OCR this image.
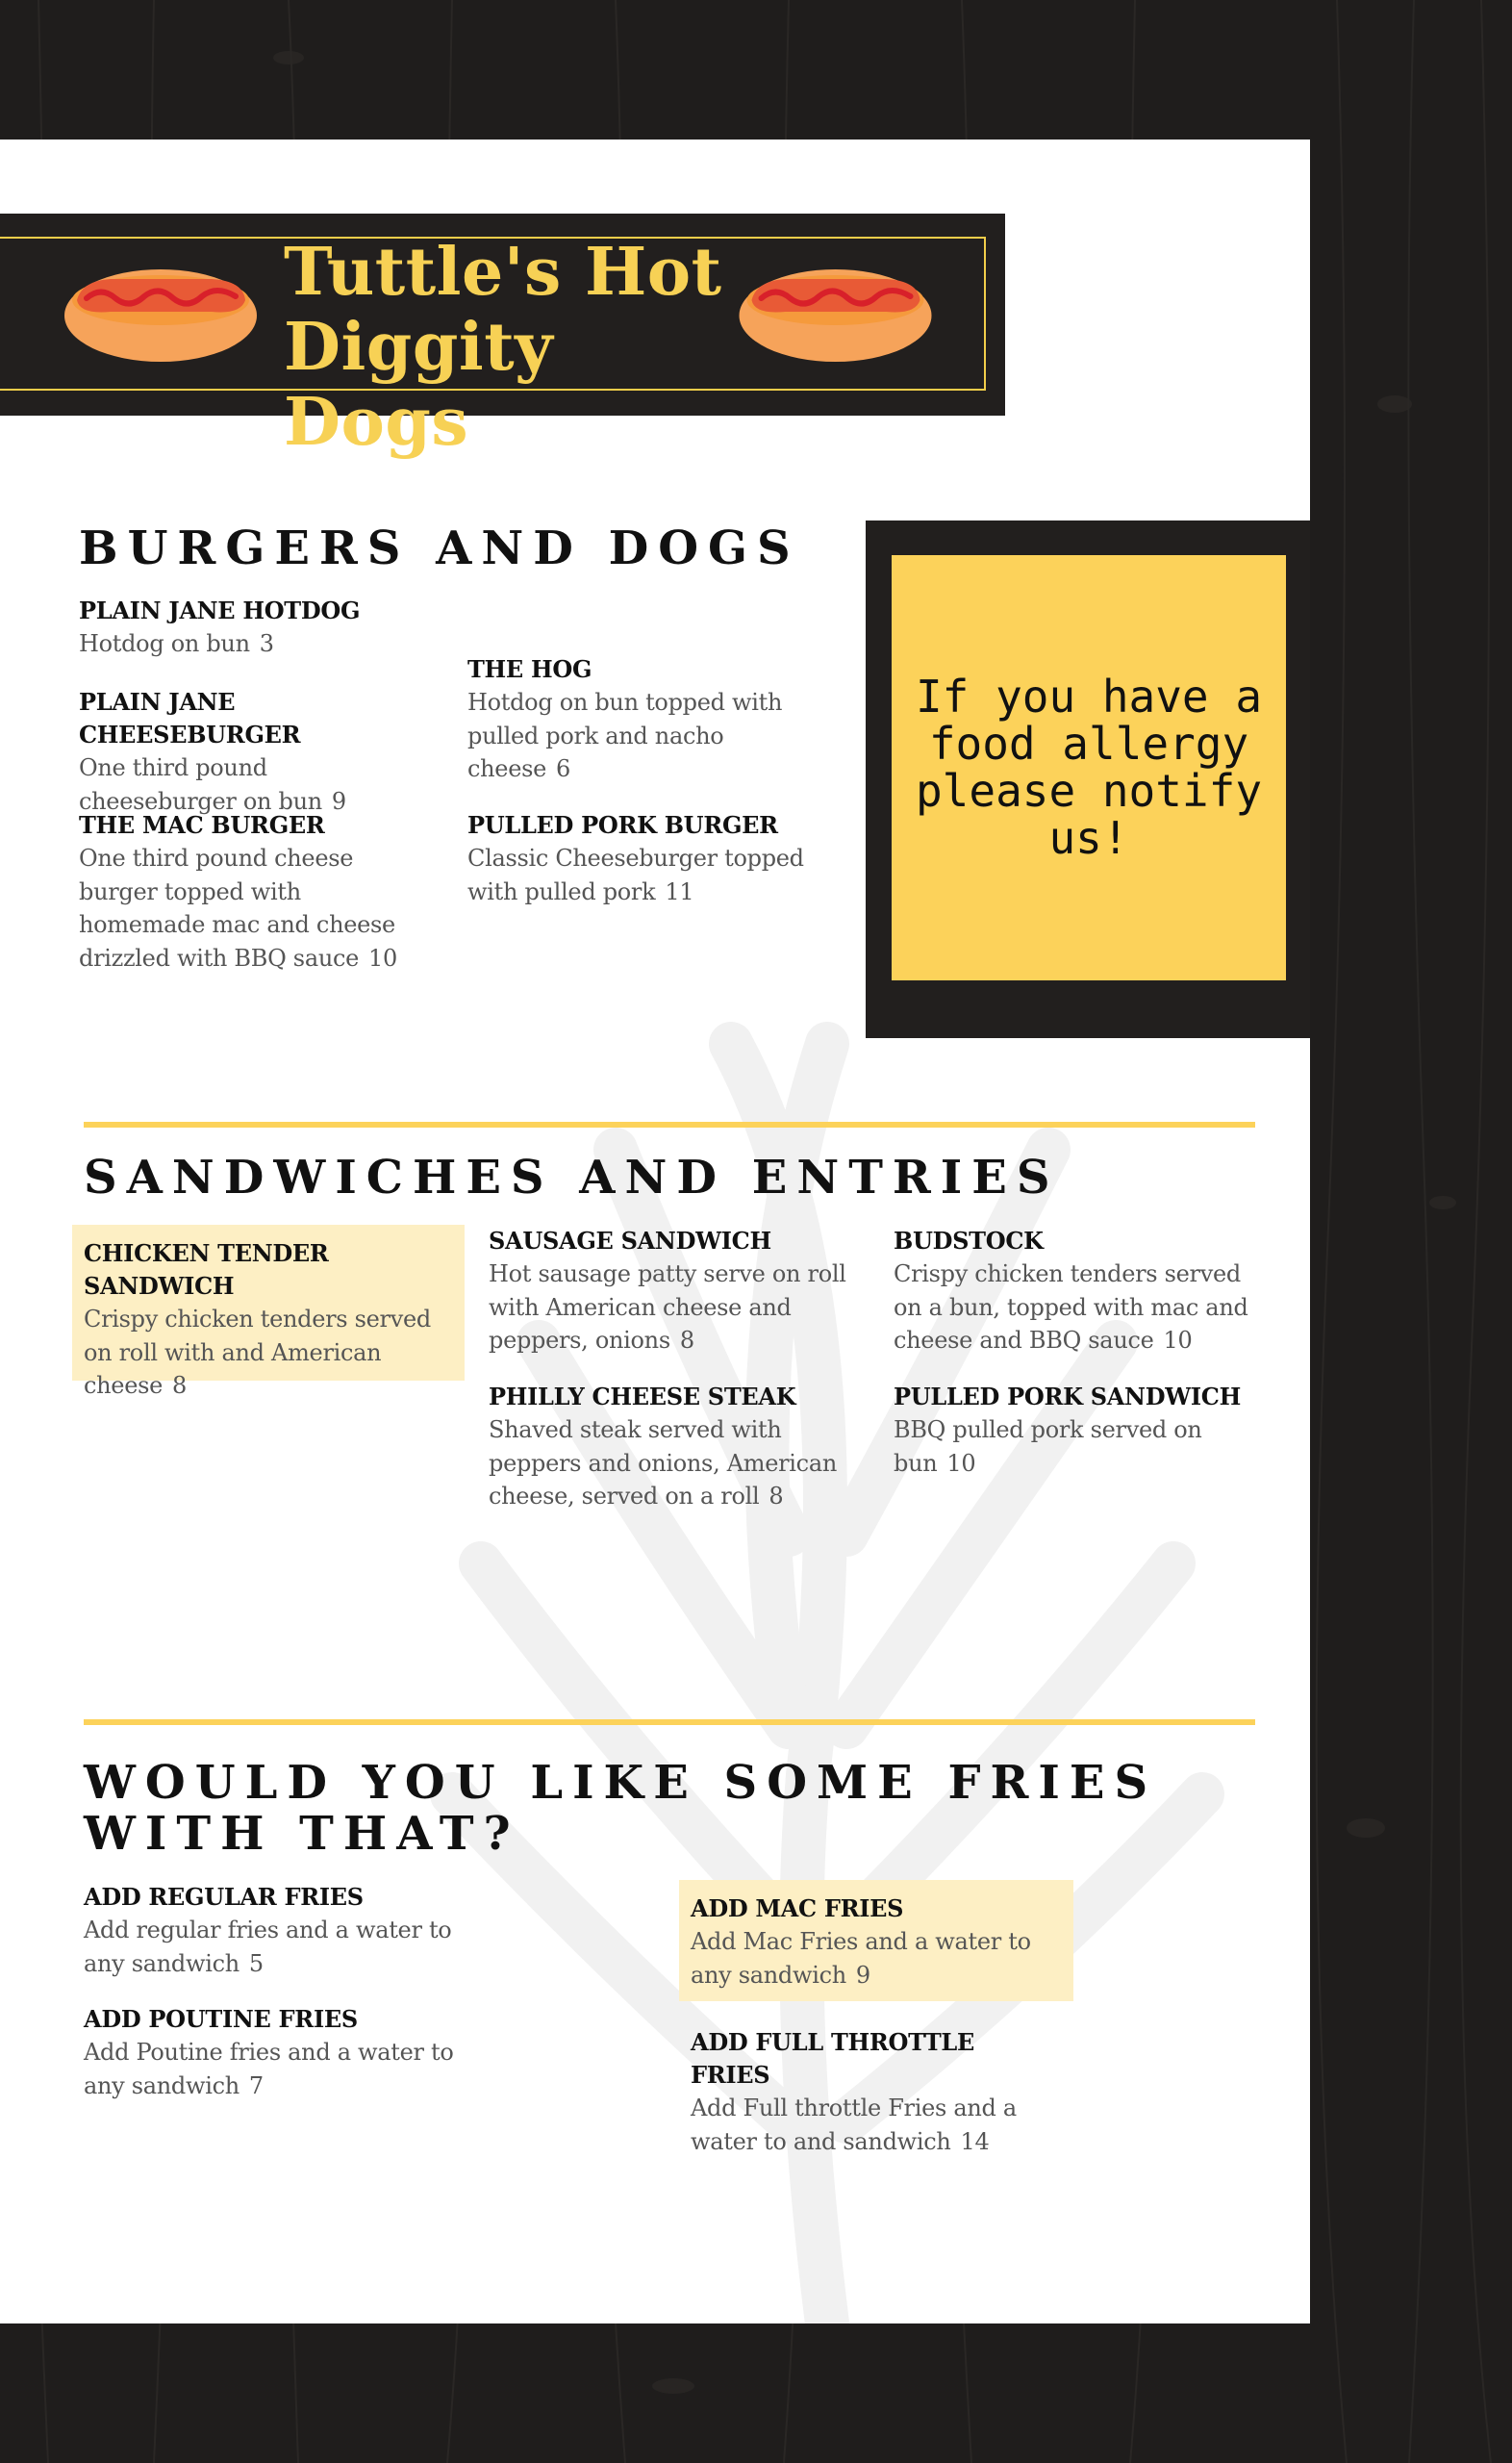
Tuttle's Hot Diggity Dogs
If you have a food allergy please notify us!
BURGERS AND DOGS
PLAIN JANE HOTDOG
Hotdog on bun 3
PLAIN JANE CHEESEBURGER
One third pound cheeseburger on bun 9
THE MAC BURGER
One third pound cheese burger topped with homemade mac and cheese drizzled with BBQ sauce 10
THE HOG
Hotdog on bun topped with pulled pork and nacho cheese 6
PULLED PORK BURGER
Classic Cheeseburger topped with pulled pork 11
SANDWICHES AND ENTRIES
CHICKEN TENDER SANDWICH
Crispy chicken tenders served on roll with and American cheese 8
SAUSAGE SANDWICH
Hot sausage patty serve on roll with American cheese and peppers, onions 8
BUDSTOCK
Crispy chicken tenders served on a bun, topped with mac and cheese and BBQ sauce 10
PHILLY CHEESE STEAK
Shaved steak served with peppers and onions, American cheese, served on a roll 8
PULLED PORK SANDWICH
BBQ pulled pork served on bun 10
WOULD YOU LIKE SOME FRIES WITH THAT?
ADD REGULAR FRIES
Add regular fries and a water to any sandwich 5
ADD POUTINE FRIES
Add Poutine fries and a water to any sandwich 7
ADD MAC FRIES
Add Mac Fries and a water to any sandwich 9
ADD FULL THROTTLE FRIES
Add Full throttle Fries and a water to and sandwich 14
